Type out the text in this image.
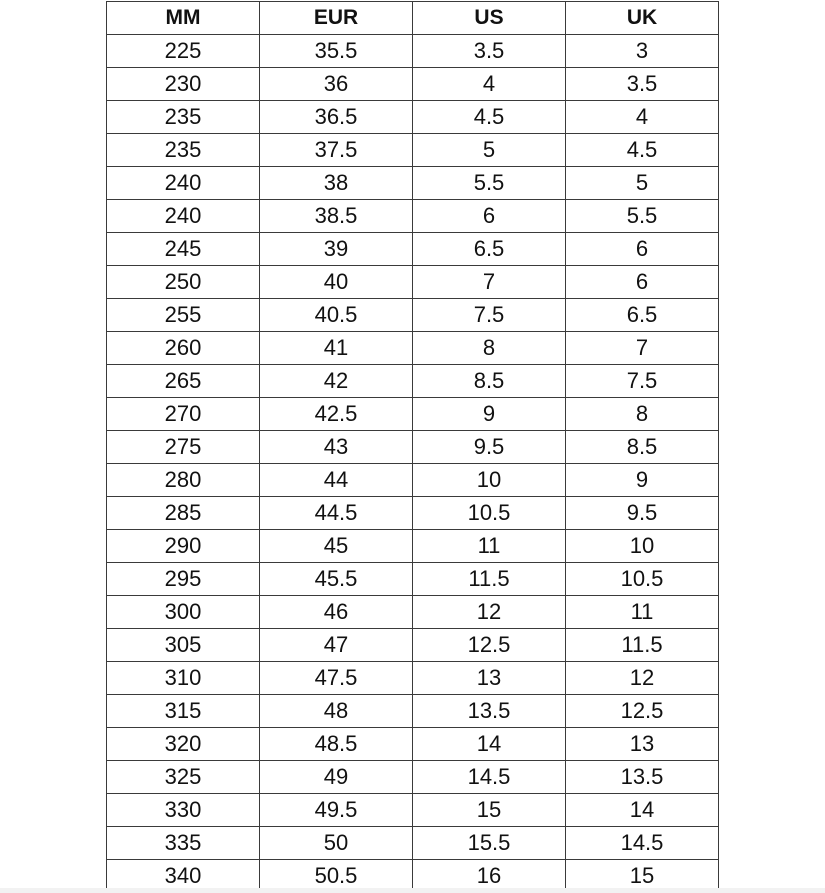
MM	EUR	US	UK
225	35.5	3.5	3
230	36	4	3.5
235	36.5	4.5	4
235	37.5	5	4.5
240	38	5.5	5
240	38.5	6	5.5
245	39	6.5	6
250	40	7	6
255	40.5	7.5	6.5
260	41	8	7
265	42	8.5	7.5
270	42.5	9	8
275	43	9.5	8.5
280	44	10	9
285	44.5	10.5	9.5
290	45	11	10
295	45.5	11.5	10.5
300	46	12	11
305	47	12.5	11.5
310	47.5	13	12
315	48	13.5	12.5
320	48.5	14	13
325	49	14.5	13.5
330	49.5	15	14
335	50	15.5	14.5
340	50.5	16	15
